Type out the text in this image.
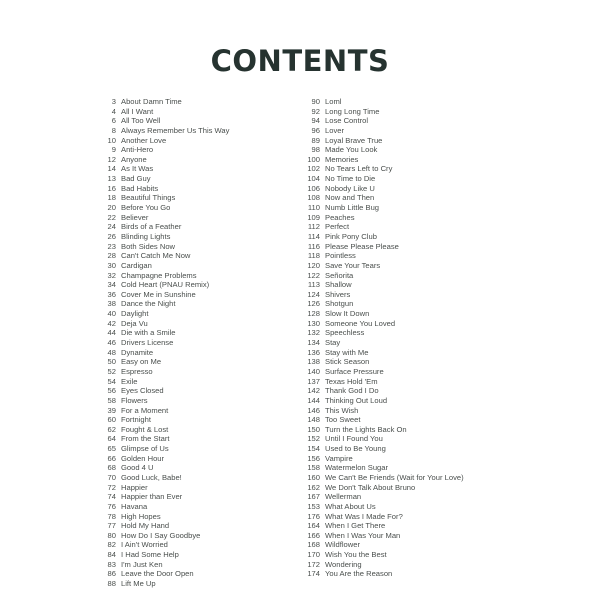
CONTENTS
3 About Damn Time
4 All I Want
6 All Too Well
8 Always Remember Us This Way
10 Another Love
9 Anti-Hero
12 Anyone
14 As It Was
13 Bad Guy
16 Bad Habits
18 Beautiful Things
20 Before You Go
22 Believer
24 Birds of a Feather
26 Blinding Lights
23 Both Sides Now
28 Can't Catch Me Now
30 Cardigan
32 Champagne Problems
34 Cold Heart (PNAU Remix)
36 Cover Me in Sunshine
38 Dance the Night
40 Daylight
42 Deja Vu
44 Die with a Smile
46 Drivers License
48 Dynamite
50 Easy on Me
52 Espresso
54 Exile
56 Eyes Closed
58 Flowers
39 For a Moment
60 Fortnight
62 Fought & Lost
64 From the Start
65 Glimpse of Us
66 Golden Hour
68 Good 4 U
70 Good Luck, Babe!
72 Happier
74 Happier than Ever
76 Havana
78 High Hopes
77 Hold My Hand
80 How Do I Say Goodbye
82 I Ain't Worried
84 I Had Some Help
83 I'm Just Ken
86 Leave the Door Open
88 Lift Me Up
90 Loml
92 Long Long Time
94 Lose Control
96 Lover
89 Loyal Brave True
98 Made You Look
100 Memories
102 No Tears Left to Cry
104 No Time to Die
106 Nobody Like U
108 Now and Then
110 Numb Little Bug
109 Peaches
112 Perfect
114 Pink Pony Club
116 Please Please Please
118 Pointless
120 Save Your Tears
122 Señorita
113 Shallow
124 Shivers
126 Shotgun
128 Slow It Down
130 Someone You Loved
132 Speechless
134 Stay
136 Stay with Me
138 Stick Season
140 Surface Pressure
137 Texas Hold 'Em
142 Thank God I Do
144 Thinking Out Loud
146 This Wish
148 Too Sweet
150 Turn the Lights Back On
152 Until I Found You
154 Used to Be Young
156 Vampire
158 Watermelon Sugar
160 We Can't Be Friends (Wait for Your Love)
162 We Don't Talk About Bruno
167 Wellerman
153 What About Us
176 What Was I Made For?
164 When I Get There
166 When I Was Your Man
168 Wildflower
170 Wish You the Best
172 Wondering
174 You Are the Reason
